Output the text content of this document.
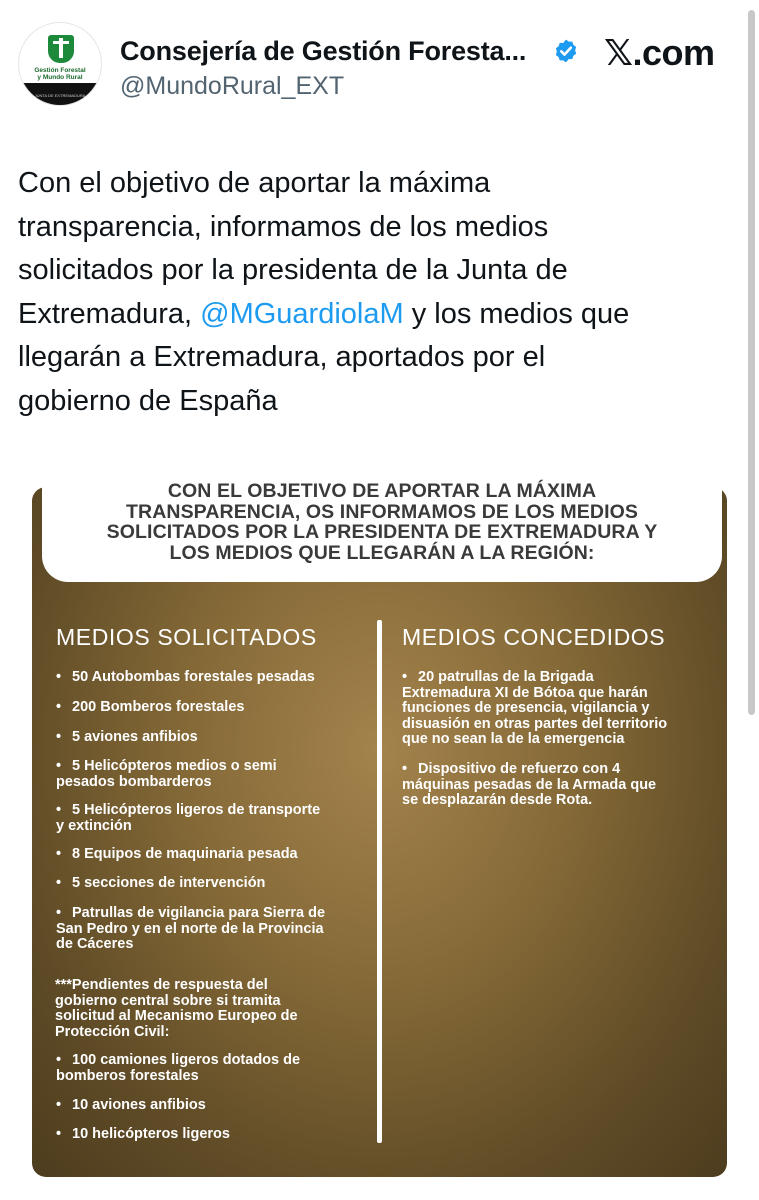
Gestión Forestal
y Mundo Rural
JUNTA DE EXTREMADURA
Consejería de Gestión Foresta...
@MundoRural_EXT
𝕏.com
Con el objetivo de aportar la máxima
transparencia, informamos de los medios
solicitados por la presidenta de la Junta de
Extremadura, @MGuardiolaM y los medios que
llegarán a Extremadura, aportados por el
gobierno de España
CON EL OBJETIVO DE APORTAR LA MÁXIMA
TRANSPARENCIA, OS INFORMAMOS DE LOS MEDIOS
SOLICITADOS POR LA PRESIDENTA DE EXTREMADURA Y
LOS MEDIOS QUE LLEGARÁN A LA REGIÓN:
MEDIOS SOLICITADOS	MEDIOS CONCEDIDOS
• 50 Autobombas forestales pesadas
• 200 Bomberos forestales
• 5 aviones anfibios
• 5 Helicópteros medios o semi
pesados bombarderos
• 5 Helicópteros ligeros de transporte
y extinción
• 8 Equipos de maquinaria pesada
• 5 secciones de intervención
• Patrullas de vigilancia para Sierra de
San Pedro y en el norte de la Provincia
de Cáceres
***Pendientes de respuesta del
gobierno central sobre si tramita
solicitud al Mecanismo Europeo de
Protección Civil:
• 100 camiones ligeros dotados de
bomberos forestales
• 10 aviones anfibios
• 10 helicópteros ligeros
• 20 patrullas de la Brigada
Extremadura XI de Bótoa que harán
funciones de presencia, vigilancia y
disuasión en otras partes del territorio
que no sean la de la emergencia
• Dispositivo de refuerzo con 4
máquinas pesadas de la Armada que
se desplazarán desde Rota.
